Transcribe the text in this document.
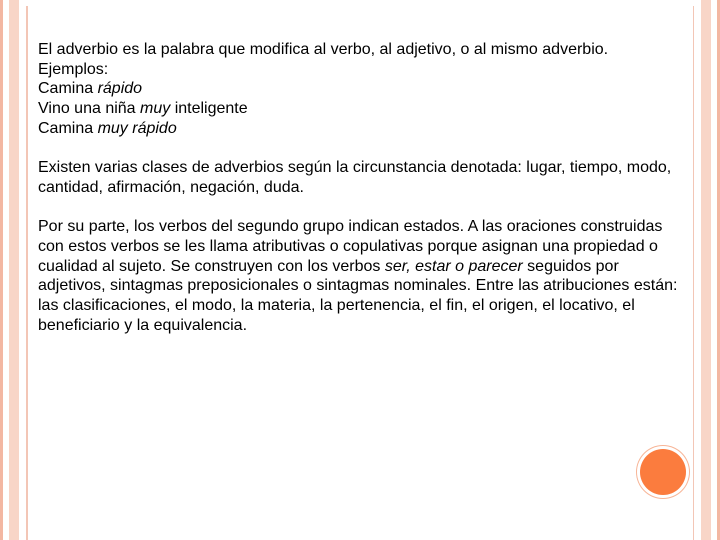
El adverbio es la palabra que modifica al verbo, al adjetivo, o al mismo adverbio.

Ejemplos:

Camina rápido

Vino una niña muy inteligente

Camina muy rápido

Existen varias clases de adverbios según la circunstancia denotada: lugar, tiempo, modo, cantidad, afirmación, negación, duda.

Por su parte, los verbos del segundo grupo indican estados. A las oraciones construidas con estos verbos se les llama atributivas o copulativas porque asignan una propiedad o cualidad al sujeto. Se construyen con los verbos ser, estar o parecer seguidos por adjetivos, sintagmas preposicionales o sintagmas nominales. Entre las atribuciones están: las clasificaciones, el modo, la materia, la pertenencia, el fin, el origen, el locativo, el beneficiario y la equivalencia.
